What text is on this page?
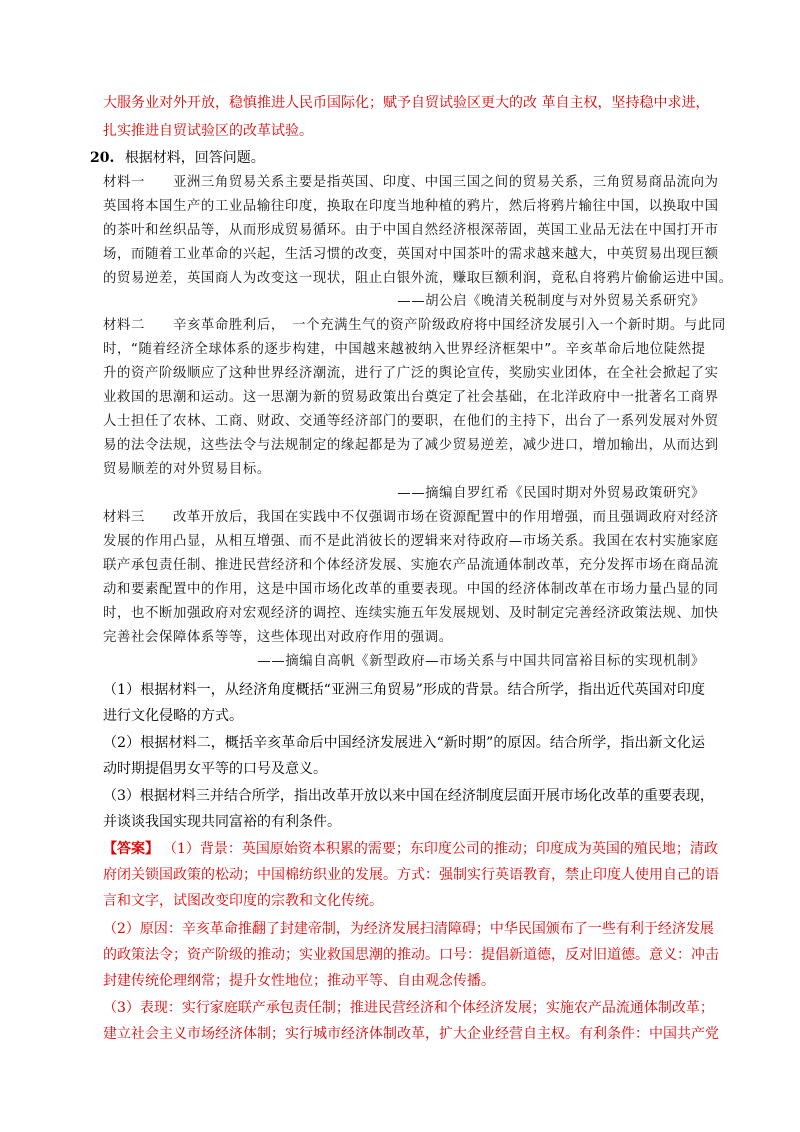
大服务业对外开放，稳慎推进人民币国际化；赋予自贸试验区更大的改 革自主权，坚持稳中求进，
扎实推进自贸试验区的改革试验。
20. 根据材料，回答问题。
材料一　　亚洲三角贸易关系主要是指英国、印度、中国三国之间的贸易关系，三角贸易商品流向为
英国将本国生产的工业品输往印度，换取在印度当地种植的鸦片，然后将鸦片输往中国，以换取中国
的茶叶和丝织品等，从而形成贸易循环。由于中国自然经济根深蒂固，英国工业品无法在中国打开市
场，而随着工业革命的兴起，生活习惯的改变，英国对中国茶叶的需求越来越大，中英贸易出现巨额
的贸易逆差，英国商人为改变这一现状，阻止白银外流，赚取巨额利润，竟私自将鸦片偷偷运进中国。
——胡公启《晚清关税制度与对外贸易关系研究》
材料二　　辛亥革命胜利后，　一个充满生气的资产阶级政府将中国经济发展引入一个新时期。与此同
时，“随着经济全球体系的逐步构建，中国越来越被纳入世界经济框架中”。辛亥革命后地位陡然提
升的资产阶级顺应了这种世界经济潮流，进行了广泛的舆论宣传，奖励实业团体，在全社会掀起了实
业救国的思潮和运动。这一思潮为新的贸易政策出台奠定了社会基础，在北洋政府中一批著名工商界
人士担任了农林、工商、财政、交通等经济部门的要职，在他们的主持下，出台了一系列发展对外贸
易的法令法规，这些法令与法规制定的缘起都是为了减少贸易逆差，减少进口，增加输出，从而达到
贸易顺差的对外贸易目标。
——摘编自罗红希《民国时期对外贸易政策研究》
材料三　　改革开放后，我国在实践中不仅强调市场在资源配置中的作用增强，而且强调政府对经济
发展的作用凸显，从相互增强、而不是此消彼长的逻辑来对待政府—市场关系。我国在农村实施家庭
联产承包责任制、推进民营经济和个体经济发展、实施农产品流通体制改革，充分发挥市场在商品流
动和要素配置中的作用，这是中国市场化改革的重要表现。中国的经济体制改革在市场力量凸显的同
时，也不断加强政府对宏观经济的调控、连续实施五年发展规划、及时制定完善经济政策法规、加快
完善社会保障体系等等，这些体现出对政府作用的强调。
——摘编自高帆《新型政府—市场关系与中国共同富裕目标的实现机制》
（1）根据材料一，从经济角度概括“亚洲三角贸易”形成的背景。结合所学，指出近代英国对印度
进行文化侵略的方式。
（2）根据材料二，概括辛亥革命后中国经济发展进入“新时期”的原因。结合所学，指出新文化运
动时期提倡男女平等的口号及意义。
（3）根据材料三并结合所学，指出改革开放以来中国在经济制度层面开展市场化改革的重要表现，
并谈谈我国实现共同富裕的有利条件。
【答案】 （1）背景：英国原始资本积累的需要；东印度公司的推动；印度成为英国的殖民地；清政
府闭关锁国政策的松动；中国棉纺织业的发展。方式：强制实行英语教育，禁止印度人使用自己的语
言和文字，试图改变印度的宗教和文化传统。
（2）原因：辛亥革命推翻了封建帝制，为经济发展扫清障碍；中华民国颁布了一些有利于经济发展
的政策法令；资产阶级的推动；实业救国思潮的推动。口号：提倡新道德，反对旧道德。意义：冲击
封建传统伦理纲常；提升女性地位；推动平等、自由观念传播。
（3）表现：实行家庭联产承包责任制；推进民营经济和个体经济发展；实施农产品流通体制改革；
建立社会主义市场经济体制；实行城市经济体制改革，扩大企业经营自主权。有利条件：中国共产党
